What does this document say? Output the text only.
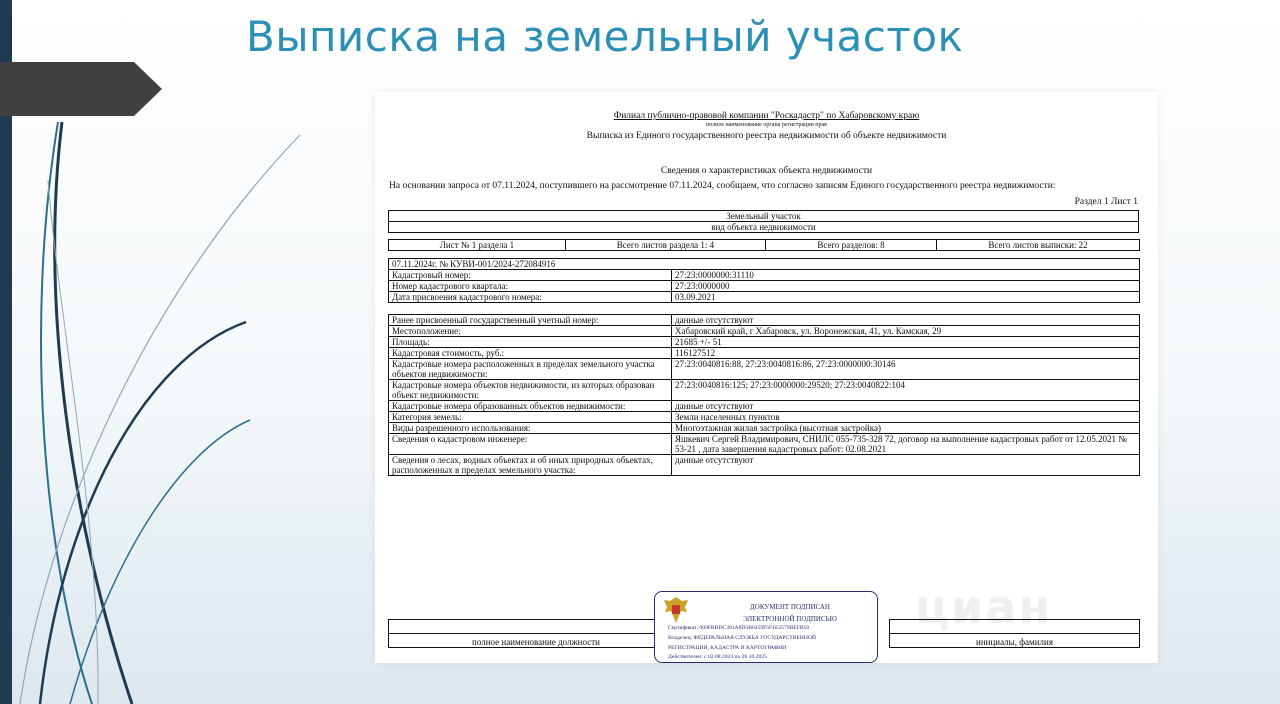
Выписка на земельный участок
Филиал публично-правовой компании "Роскадастр" по Хабаровскому краю
полное наименование органа регистрации прав
Выписка из Единого государственного реестра недвижимости об объекте недвижимости
Сведения о характеристиках объекта недвижимости
На основании запроса от 07.11.2024, поступившего на рассмотрение 07.11.2024, сообщаем, что согласно записям Единого государственного реестра недвижимости:
Раздел 1 Лист 1
Земельный участок
вид объекта недвижимости
Лист № 1 раздела 1	Всего листов раздела 1: 4	Всего разделов: 8	Всего листов выписки: 22
07.11.2024г. № КУВИ-001/2024-272084916	
Кадастровый номер:	27:23:0000000:31110
Номер кадастрового квартала:	27:23:0000000
Дата присвоения кадастрового номера:	03.09.2021
Ранее присвоенный государственный учетный номер:	данные отсутствуют
Местоположение:	Хабаровский край, г Хабаровск, ул. Воронежская, 41, ул. Камская, 29
Площадь:	21685 +/- 51
Кадастровая стоимость, руб.:	116127512
Кадастровые номера расположенных в пределах земельного участка объектов недвижимости:	27:23:0040816:88, 27:23:0040816:86, 27:23:0000000:30146
Кадастровые номера объектов недвижимости, из которых образован объект недвижимости:	27:23:0040816:125; 27:23:0000000:29520; 27:23:0040822:104
Кадастровые номера образованных объектов недвижимости:	данные отсутствуют
Категория земель:	Земли населенных пунктов
Виды разрешенного использования:	Многоэтажная жилая застройка (высотная застройка)
Сведения о кадастровом инженере:	Яшкевич Сергей Владимирович, СНИЛС 055-735-328 72, договор на выполнение кадастровых работ от 12.05.2021 № 53-21 , дата завершения кадастровых работ: 02.08.2021
Сведения о лесах, водных объектах и об иных природных объектах, расположенных в пределах земельного участка:	данные отсутствуют
циан

полное наименование должности		инициалы, фамилия
ДОКУМЕНТ ПОДПИСАН
ЭЛЕКТРОННОЙ ПОДПИСЬЮ
Сертификат: 009FBBDC381A8D3B6459F5F1E2579BEFB50
Владелец: ФЕДЕРАЛЬНАЯ СЛУЖБА ГОСУДАРСТВЕННОЙ
РЕГИСТРАЦИИ, КАДАСТРА И КАРТОГРАФИИ
Действителен: с 02.08.2024 по 26.10.2025
